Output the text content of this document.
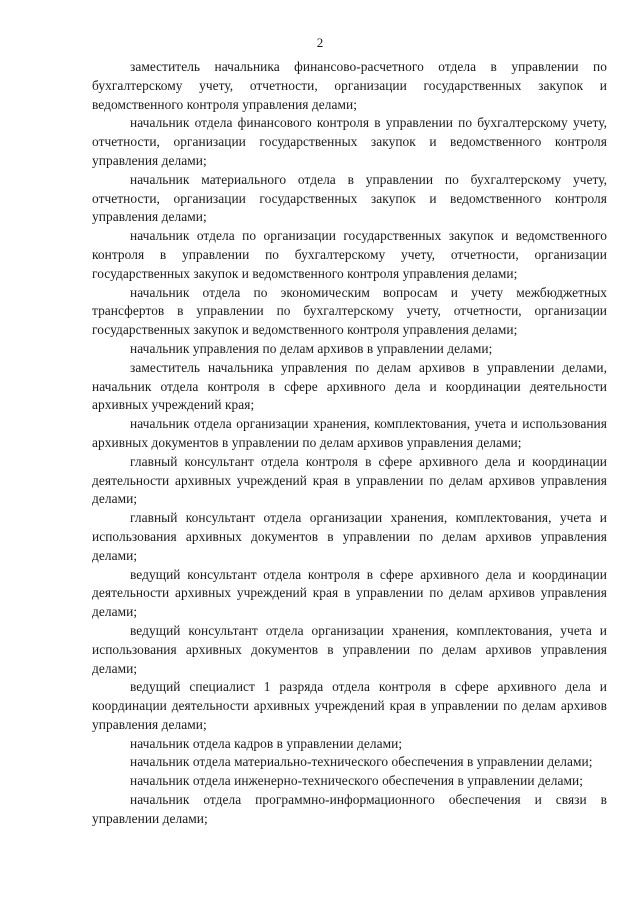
2

заместитель начальника финансово-расчетного отдела в управлении по бухгалтерскому учету, отчетности, организации государственных закупок и ведомственного контроля управления делами;

начальник отдела финансового контроля в управлении по бухгалтерскому учету, отчетности, организации государственных закупок и ведомственного контроля управления делами;

начальник материального отдела в управлении по бухгалтерскому учету, отчетности, организации государственных закупок и ведомственного контроля управления делами;

начальник отдела по организации государственных закупок и ведомственного контроля в управлении по бухгалтерскому учету, отчетности, организации государственных закупок и ведомственного контроля управления делами;

начальник отдела по экономическим вопросам и учету межбюджетных трансфертов в управлении по бухгалтерскому учету, отчетности, организации государственных закупок и ведомственного контроля управления делами;

начальник управления по делам архивов в управлении делами;

заместитель начальника управления по делам архивов в управлении делами, начальник отдела контроля в сфере архивного дела и координации деятельности архивных учреждений края;

начальник отдела организации хранения, комплектования, учета и использования архивных документов в управлении по делам архивов управления делами;

главный консультант отдела контроля в сфере архивного дела и координации деятельности архивных учреждений края в управлении по делам архивов управления делами;

главный консультант отдела организации хранения, комплектования, учета и использования архивных документов в управлении по делам архивов управления делами;

ведущий консультант отдела контроля в сфере архивного дела и координации деятельности архивных учреждений края в управлении по делам архивов управления делами;

ведущий консультант отдела организации хранения, комплектования, учета и использования архивных документов в управлении по делам архивов управления делами;

ведущий специалист 1 разряда отдела контроля в сфере архивного дела и координации деятельности архивных учреждений края в управлении по делам архивов управления делами;

начальник отдела кадров в управлении делами;

начальник отдела материально-технического обеспечения в управлении делами;

начальник отдела инженерно-технического обеспечения в управлении делами;

начальник отдела программно-информационного обеспечения и связи в управлении делами;
